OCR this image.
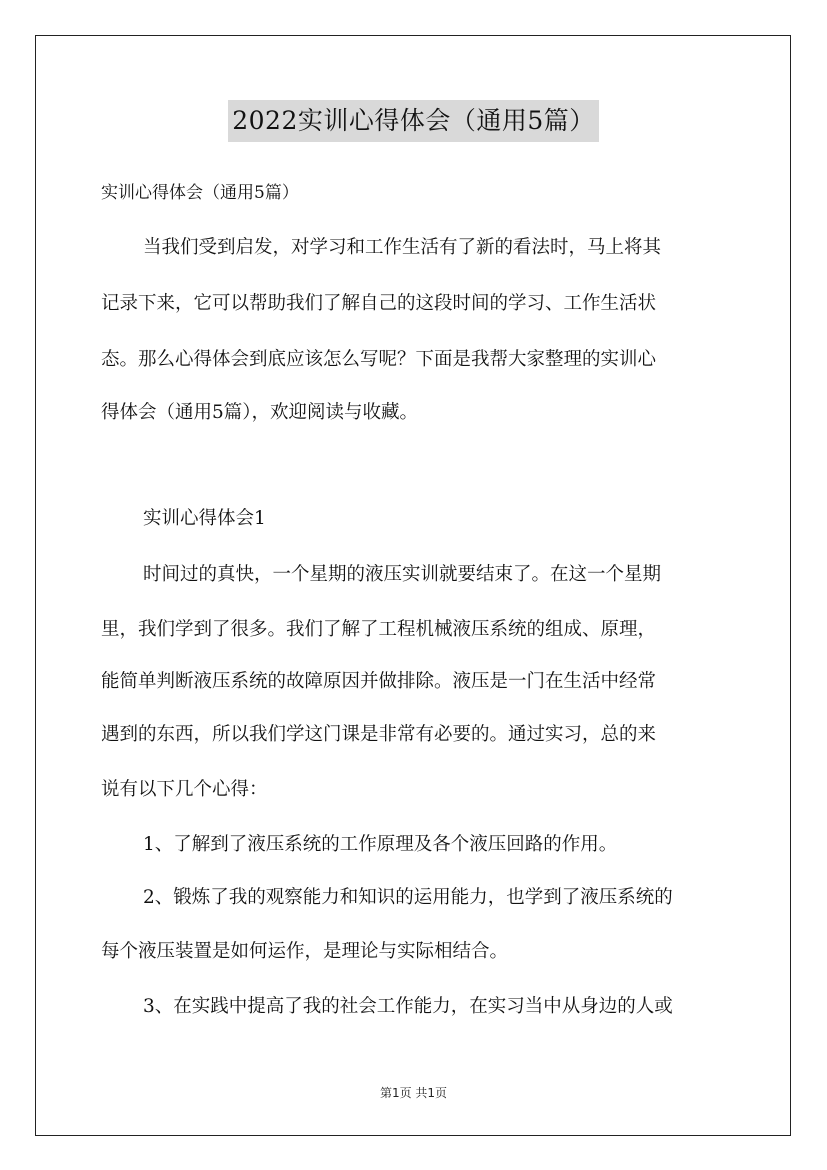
2022实训心得体会（通用5篇）
实训心得体会（通用5篇）
当我们受到启发，对学习和工作生活有了新的看法时，马上将其
记录下来，它可以帮助我们了解自己的这段时间的学习、工作生活状
态。那么心得体会到底应该怎么写呢？下面是我帮大家整理的实训心
得体会（通用5篇），欢迎阅读与收藏。
实训心得体会1
时间过的真快，一个星期的液压实训就要结束了。在这一个星期
里，我们学到了很多。我们了解了工程机械液压系统的组成、原理，
能简单判断液压系统的故障原因并做排除。液压是一门在生活中经常
遇到的东西，所以我们学这门课是非常有必要的。通过实习，总的来
说有以下几个心得：
1、了解到了液压系统的工作原理及各个液压回路的作用。
2、锻炼了我的观察能力和知识的运用能力，也学到了液压系统的
每个液压装置是如何运作，是理论与实际相结合。
3、在实践中提高了我的社会工作能力，在实习当中从身边的人或
第1页 共1页
